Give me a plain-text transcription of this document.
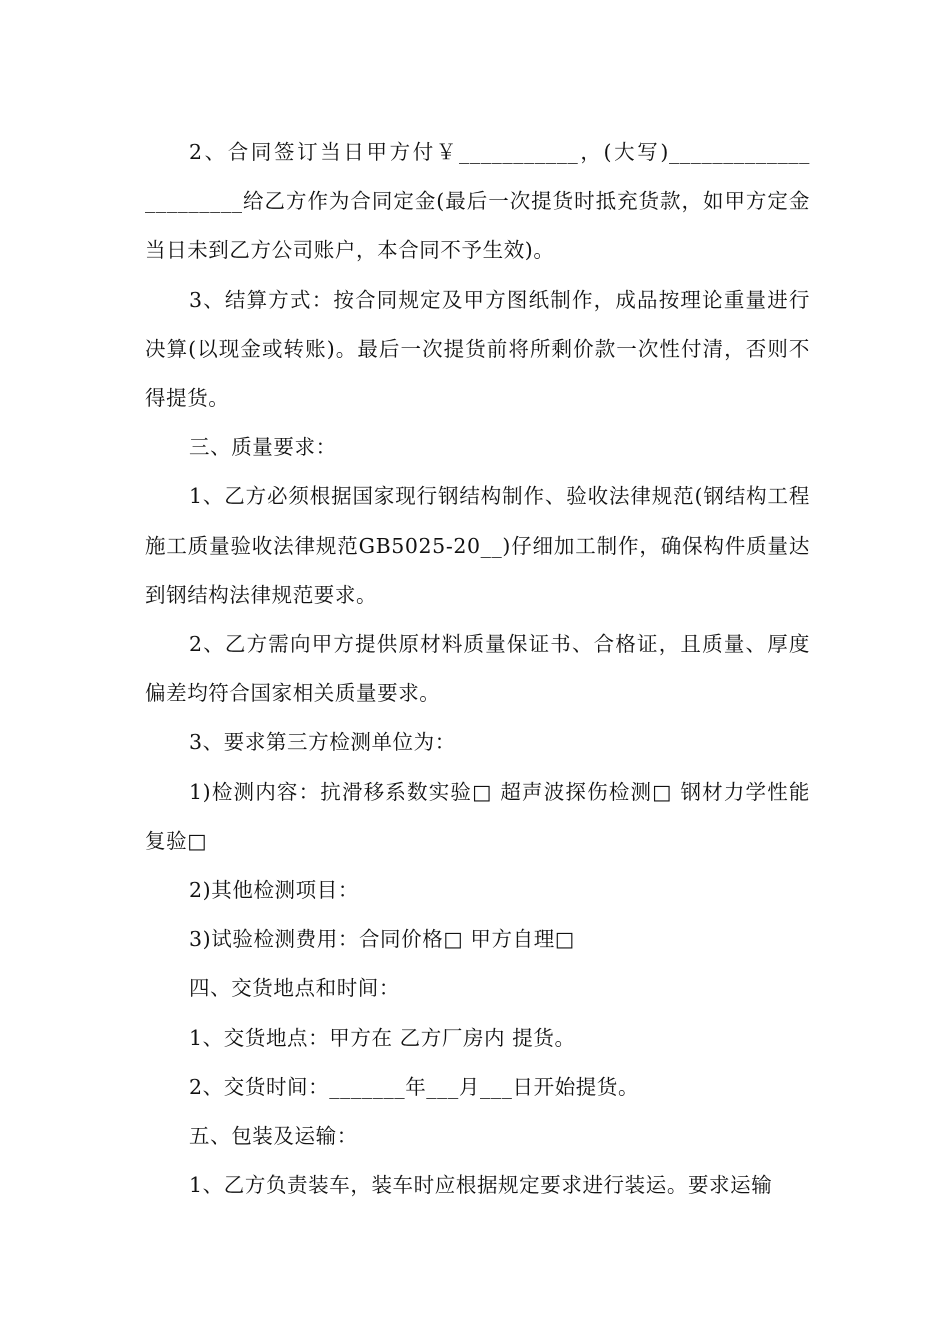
2、合同签订当日甲方付￥___________，(大写)_____________ _________给乙方作为合同定金(最后一次提货时抵充货款，如甲方定金当日未到乙方公司账户，本合同不予生效)。

3、结算方式：按合同规定及甲方图纸制作，成品按理论重量进行决算(以现金或转账)。最后一次提货前将所剩价款一次性付清，否则不得提货。

三、质量要求：

1、乙方必须根据国家现行钢结构制作、验收法律规范(钢结构工程施工质量验收法律规范GB5025-20__)仔细加工制作，确保构件质量达到钢结构法律规范要求。

2、乙方需向甲方提供原材料质量保证书、合格证，且质量、厚度偏差均符合国家相关质量要求。

3、要求第三方检测单位为：

1)检测内容：抗滑移系数实验□ 超声波探伤检测□ 钢材力学性能复验□

2)其他检测项目：

3)试验检测费用：合同价格□ 甲方自理□

四、交货地点和时间：

1、交货地点：甲方在 乙方厂房内 提货。

2、交货时间：_______年___月___日开始提货。

五、包装及运输：

1、乙方负责装车，装车时应根据规定要求进行装运。要求运输
